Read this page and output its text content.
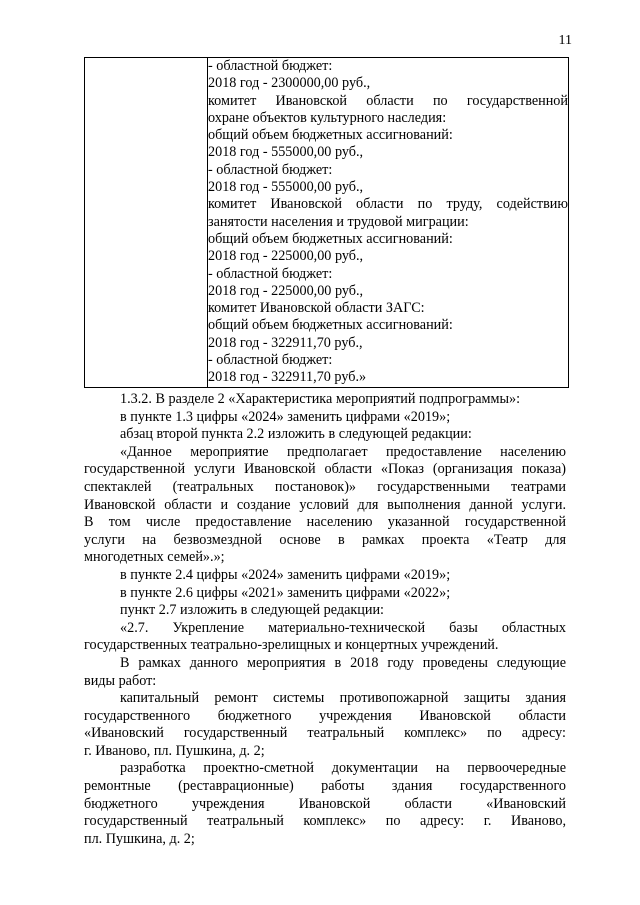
11

- областной бюджет:
2018 год - 2300000,00 руб.,
комитет Ивановской области по государственной
охране объектов культурного наследия:
общий объем бюджетных ассигнований:
2018 год - 555000,00 руб.,
- областной бюджет:
2018 год - 555000,00 руб.,
комитет Ивановской области по труду, содействию
занятости населения и трудовой миграции:
общий объем бюджетных ассигнований:
2018 год - 225000,00 руб.,
- областной бюджет:
2018 год - 225000,00 руб.,
комитет Ивановской области ЗАГС:
общий объем бюджетных ассигнований:
2018 год - 322911,70 руб.,
- областной бюджет:
2018 год - 322911,70 руб.»

1.3.2. В разделе 2 «Характеристика мероприятий подпрограммы»:

в пункте 1.3 цифры «2024» заменить цифрами «2019»;

абзац второй пункта 2.2 изложить в следующей редакции:

«Данное мероприятие предполагает предоставление населению
государственной услуги Ивановской области «Показ (организация показа)
спектаклей (театральных постановок)» государственными театрами
Ивановской области и создание условий для выполнения данной услуги.
В том числе предоставление населению указанной государственной
услуги на безвозмездной основе в рамках проекта «Театр для
многодетных семей».»;

в пункте 2.4 цифры «2024» заменить цифрами «2019»;

в пункте 2.6 цифры «2021» заменить цифрами «2022»;

пункт 2.7 изложить в следующей редакции:

«2.7. Укрепление материально-технической базы областных
государственных театрально-зрелищных и концертных учреждений.

В рамках данного мероприятия в 2018 году проведены следующие
виды работ:

капитальный ремонт системы противопожарной защиты здания
государственного бюджетного учреждения Ивановской области
«Ивановский государственный театральный комплекс» по адресу:
г. Иваново, пл. Пушкина, д. 2;

разработка проектно-сметной документации на первоочередные
ремонтные (реставрационные) работы здания государственного
бюджетного учреждения Ивановской области «Ивановский
государственный театральный комплекс» по адресу: г. Иваново,
пл. Пушкина, д. 2;
